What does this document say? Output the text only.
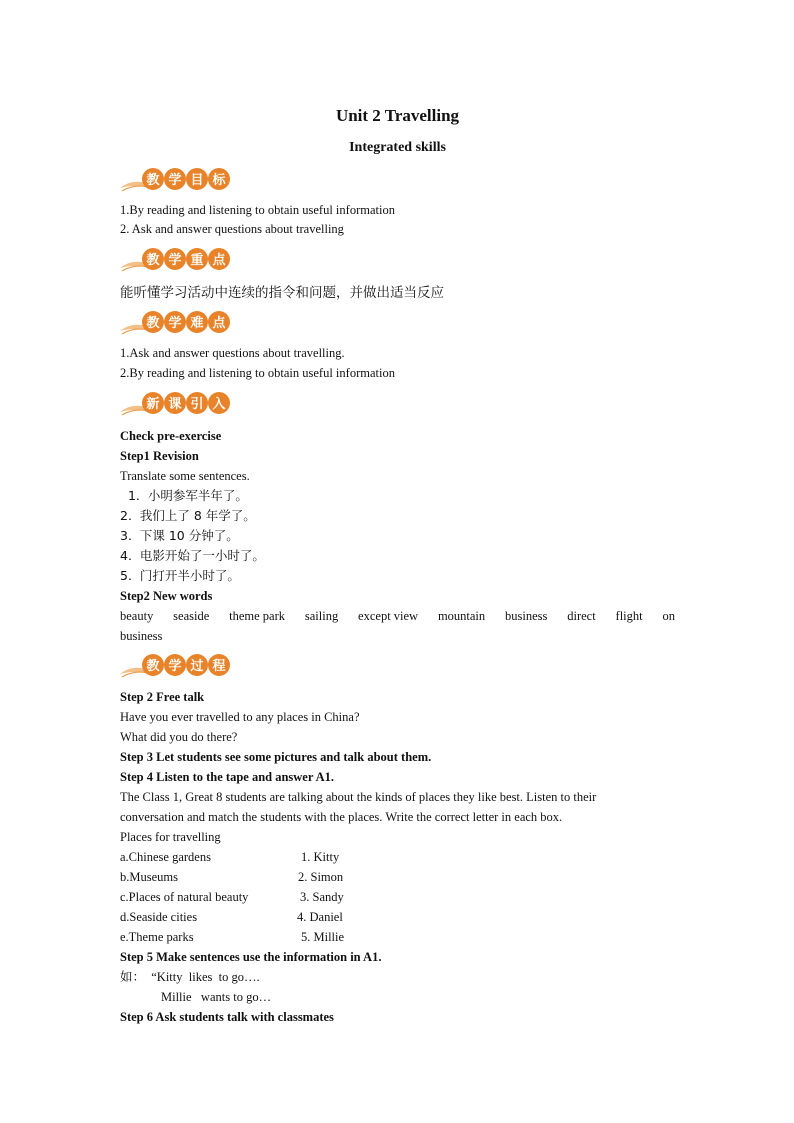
Unit 2 Travelling
Integrated skills
教 学 目 标
1.By reading and listening to obtain useful information
2. Ask and answer questions about travelling
教 学 重 点
能听懂学习活动中连续的指令和问题，并做出适当反应
教 学 难 点
1.Ask and answer questions about travelling.
2.By reading and listening to obtain useful information
新 课 引 入
Check pre-exercise
Step1 Revision
Translate some sentences.
1.  小明参军半年了。
2.  我们上了 8 年学了。
3.  下课 10 分钟了。
4.  电影开始了一小时了。
5.  门打开半小时了。
Step2 New words
beauty seaside theme park sailing except view mountain business direct flight on
business
教 学 过 程
Step 2 Free talk
Have you ever travelled to any places in China?
What did you do there?
Step 3 Let students see some pictures and talk about them.
Step 4 Listen to the tape and answer A1.
The Class 1, Great 8 students are talking about the kinds of places they like best. Listen to their
conversation and match the students with the places. Write the correct letter in each box.
Places for travelling
a.Chinese gardens
b.Museums
c.Places of natural beauty
d.Seaside cities
e.Theme parks
1. Kitty
2. Simon
3. Sandy
4. Daniel
5. Millie
Step 5 Make sentences use the information in A1.
如：  “Kitty  likes  to go….
Millie   wants to go…
Step 6 Ask students talk with classmates
